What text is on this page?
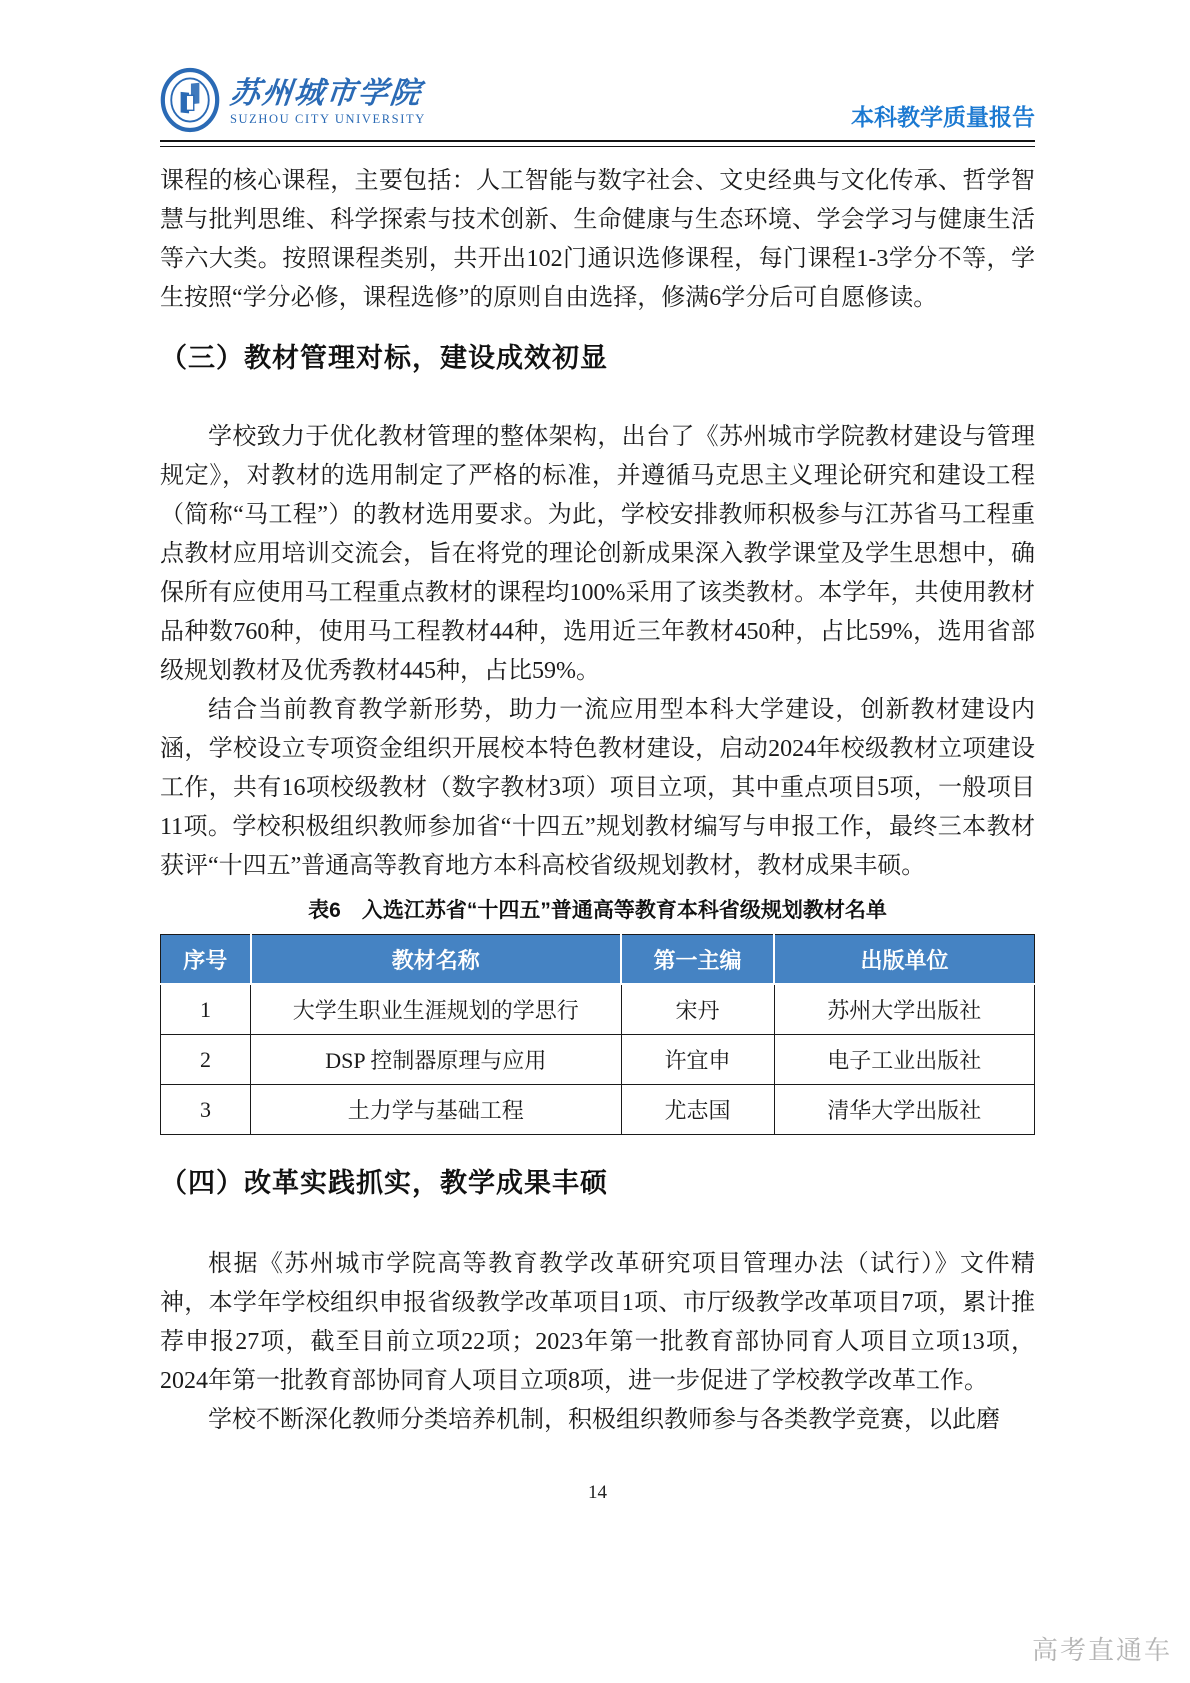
苏州城市学院
SUZHOU CITY UNIVERSITY	本科教学质量报告

课程的核心课程，主要包括：人工智能与数字社会、文史经典与文化传承、哲学智慧与批判思维、科学探索与技术创新、生命健康与生态环境、学会学习与健康生活等六大类。按照课程类别，共开出102门通识选修课程，每门课程1-3学分不等，学生按照“学分必修，课程选修”的原则自由选择，修满6学分后可自愿修读。

（三）教材管理对标，建设成效初显

学校致力于优化教材管理的整体架构，出台了《苏州城市学院教材建设与管理规定》，对教材的选用制定了严格的标准，并遵循马克思主义理论研究和建设工程（简称“马工程”）的教材选用要求。为此，学校安排教师积极参与江苏省马工程重点教材应用培训交流会，旨在将党的理论创新成果深入教学课堂及学生思想中，确保所有应使用马工程重点教材的课程均100%采用了该类教材。本学年，共使用教材品种数760种，使用马工程教材44种，选用近三年教材450种，占比59%，选用省部级规划教材及优秀教材445种，占比59%。

结合当前教育教学新形势，助力一流应用型本科大学建设，创新教材建设内涵，学校设立专项资金组织开展校本特色教材建设，启动2024年校级教材立项建设工作，共有16项校级教材（数字教材3项）项目立项，其中重点项目5项，一般项目11项。学校积极组织教师参加省“十四五”规划教材编写与申报工作，最终三本教材获评“十四五”普通高等教育地方本科高校省级规划教材，教材成果丰硕。

表6　入选江苏省“十四五”普通高等教育本科省级规划教材名单
序号	教材名称	第一主编	出版单位
1	大学生职业生涯规划的学思行	宋丹	苏州大学出版社
2	DSP 控制器原理与应用	许宜申	电子工业出版社
3	土力学与基础工程	尤志国	清华大学出版社
（四）改革实践抓实，教学成果丰硕

根据《苏州城市学院高等教育教学改革研究项目管理办法（试行）》文件精神，本学年学校组织申报省级教学改革项目1项、市厅级教学改革项目7项，累计推荐申报27项，截至目前立项22项；2023年第一批教育部协同育人项目立项13项，2024年第一批教育部协同育人项目立项8项，进一步促进了学校教学改革工作。

学校不断深化教师分类培养机制，积极组织教师参与各类教学竞赛，以此磨

14
高考直通车
